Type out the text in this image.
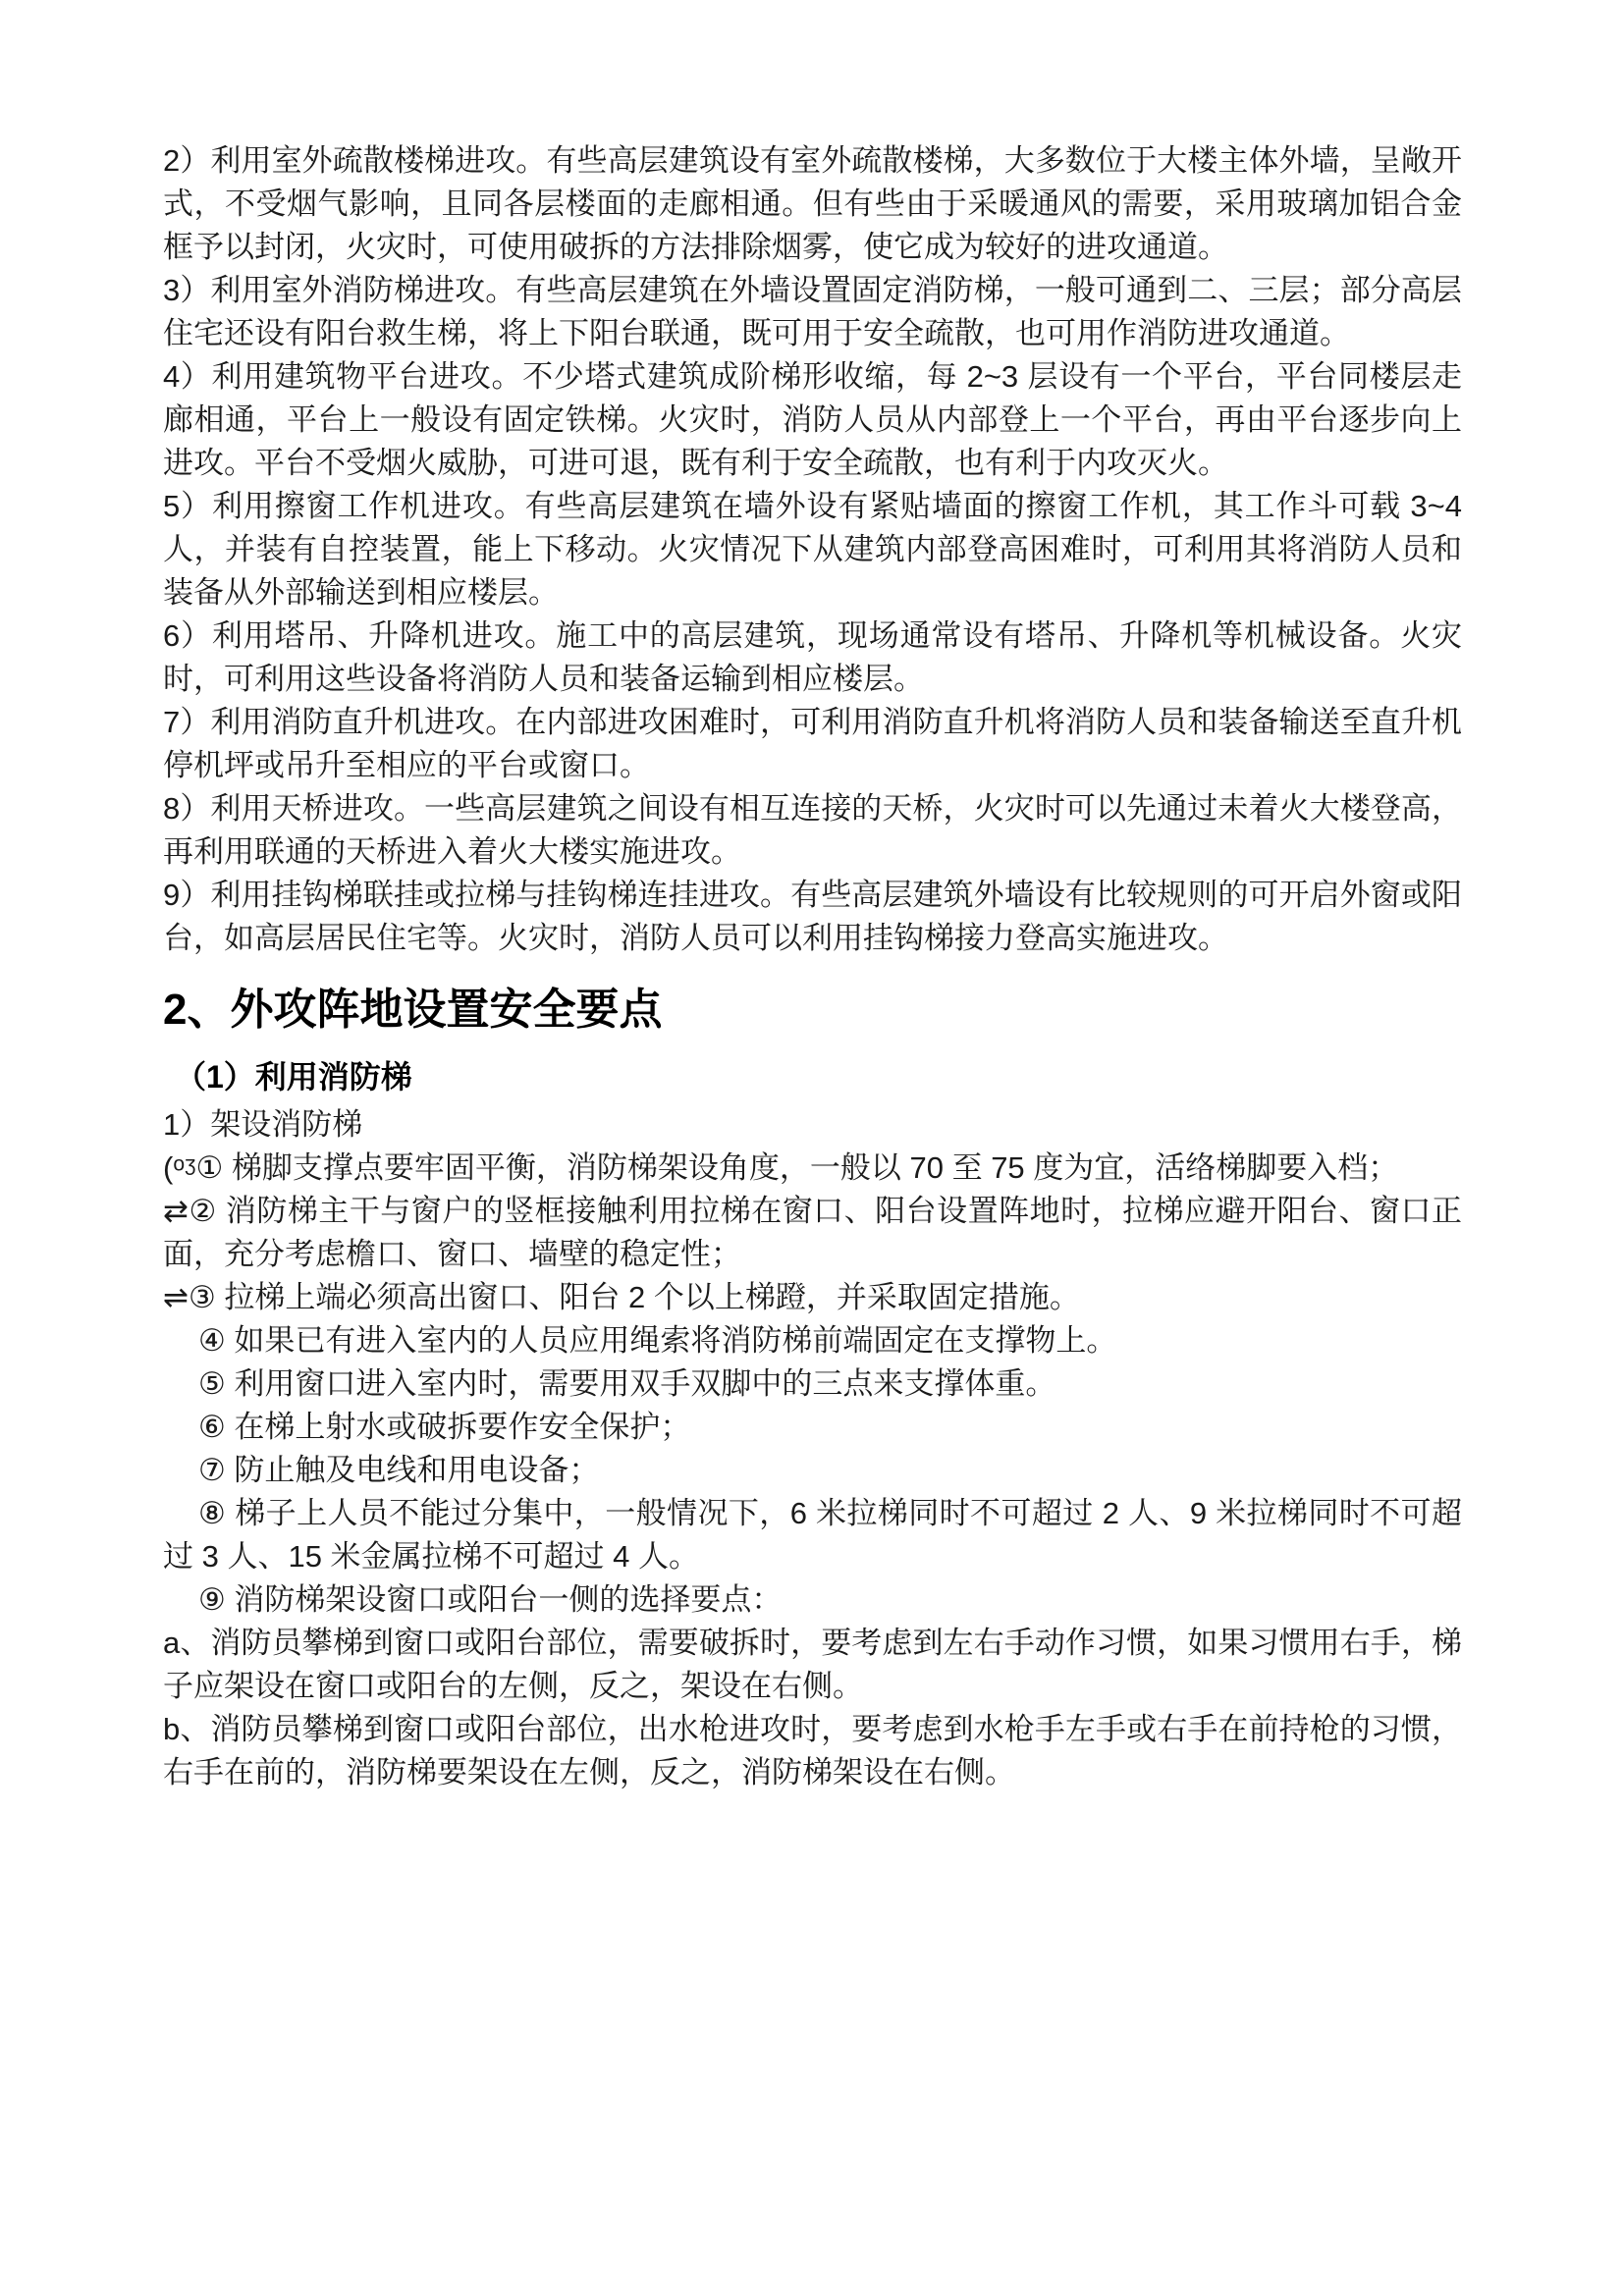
2）利用室外疏散楼梯进攻。有些高层建筑设有室外疏散楼梯，大多数位于大楼主体外墙，呈敞开式，不受烟气影响，且同各层楼面的走廊相通。但有些由于采暖通风的需要，采用玻璃加铝合金框予以封闭，火灾时，可使用破拆的方法排除烟雾，使它成为较好的进攻通道。

3）利用室外消防梯进攻。有些高层建筑在外墙设置固定消防梯，一般可通到二、三层；部分高层住宅还设有阳台救生梯，将上下阳台联通，既可用于安全疏散，也可用作消防进攻通道。

4）利用建筑物平台进攻。不少塔式建筑成阶梯形收缩，每 2~3 层设有一个平台，平台同楼层走廊相通，平台上一般设有固定铁梯。火灾时，消防人员从内部登上一个平台，再由平台逐步向上进攻。平台不受烟火威胁，可进可退，既有利于安全疏散，也有利于内攻灭火。

5）利用擦窗工作机进攻。有些高层建筑在墙外设有紧贴墙面的擦窗工作机，其工作斗可载 3~4 人，并装有自控装置，能上下移动。火灾情况下从建筑内部登高困难时，可利用其将消防人员和装备从外部输送到相应楼层。

6）利用塔吊、升降机进攻。施工中的高层建筑，现场通常设有塔吊、升降机等机械设备。火灾时，可利用这些设备将消防人员和装备运输到相应楼层。

7）利用消防直升机进攻。在内部进攻困难时，可利用消防直升机将消防人员和装备输送至直升机停机坪或吊升至相应的平台或窗口。

8）利用天桥进攻。一些高层建筑之间设有相互连接的天桥，火灾时可以先通过未着火大楼登高，再利用联通的天桥进入着火大楼实施进攻。

9）利用挂钩梯联挂或拉梯与挂钩梯连挂进攻。有些高层建筑外墙设有比较规则的可开启外窗或阳台，如高层居民住宅等。火灾时，消防人员可以利用挂钩梯接力登高实施进攻。

2、外攻阵地设置安全要点
（1）利用消防梯

1）架设消防梯

(ᵒᶾ① 梯脚支撑点要牢固平衡，消防梯架设角度，一般以 70 至 75 度为宜，活络梯脚要入档；

⇄② 消防梯主干与窗户的竖框接触利用拉梯在窗口、阳台设置阵地时，拉梯应避开阳台、窗口正面，充分考虑檐口、窗口、墙壁的稳定性；

⇌③ 拉梯上端必须高出窗口、阳台 2 个以上梯蹬，并采取固定措施。

④ 如果已有进入室内的人员应用绳索将消防梯前端固定在支撑物上。

⑤ 利用窗口进入室内时，需要用双手双脚中的三点来支撑体重。

⑥ 在梯上射水或破拆要作安全保护；

⑦ 防止触及电线和用电设备；

⑧ 梯子上人员不能过分集中，一般情况下，6 米拉梯同时不可超过 2 人、9 米拉梯同时不可超过 3 人、15 米金属拉梯不可超过 4 人。

⑨ 消防梯架设窗口或阳台一侧的选择要点：

a、消防员攀梯到窗口或阳台部位，需要破拆时，要考虑到左右手动作习惯，如果习惯用右手，梯子应架设在窗口或阳台的左侧，反之，架设在右侧。

b、消防员攀梯到窗口或阳台部位，出水枪进攻时，要考虑到水枪手左手或右手在前持枪的习惯，右手在前的，消防梯要架设在左侧，反之，消防梯架设在右侧。
